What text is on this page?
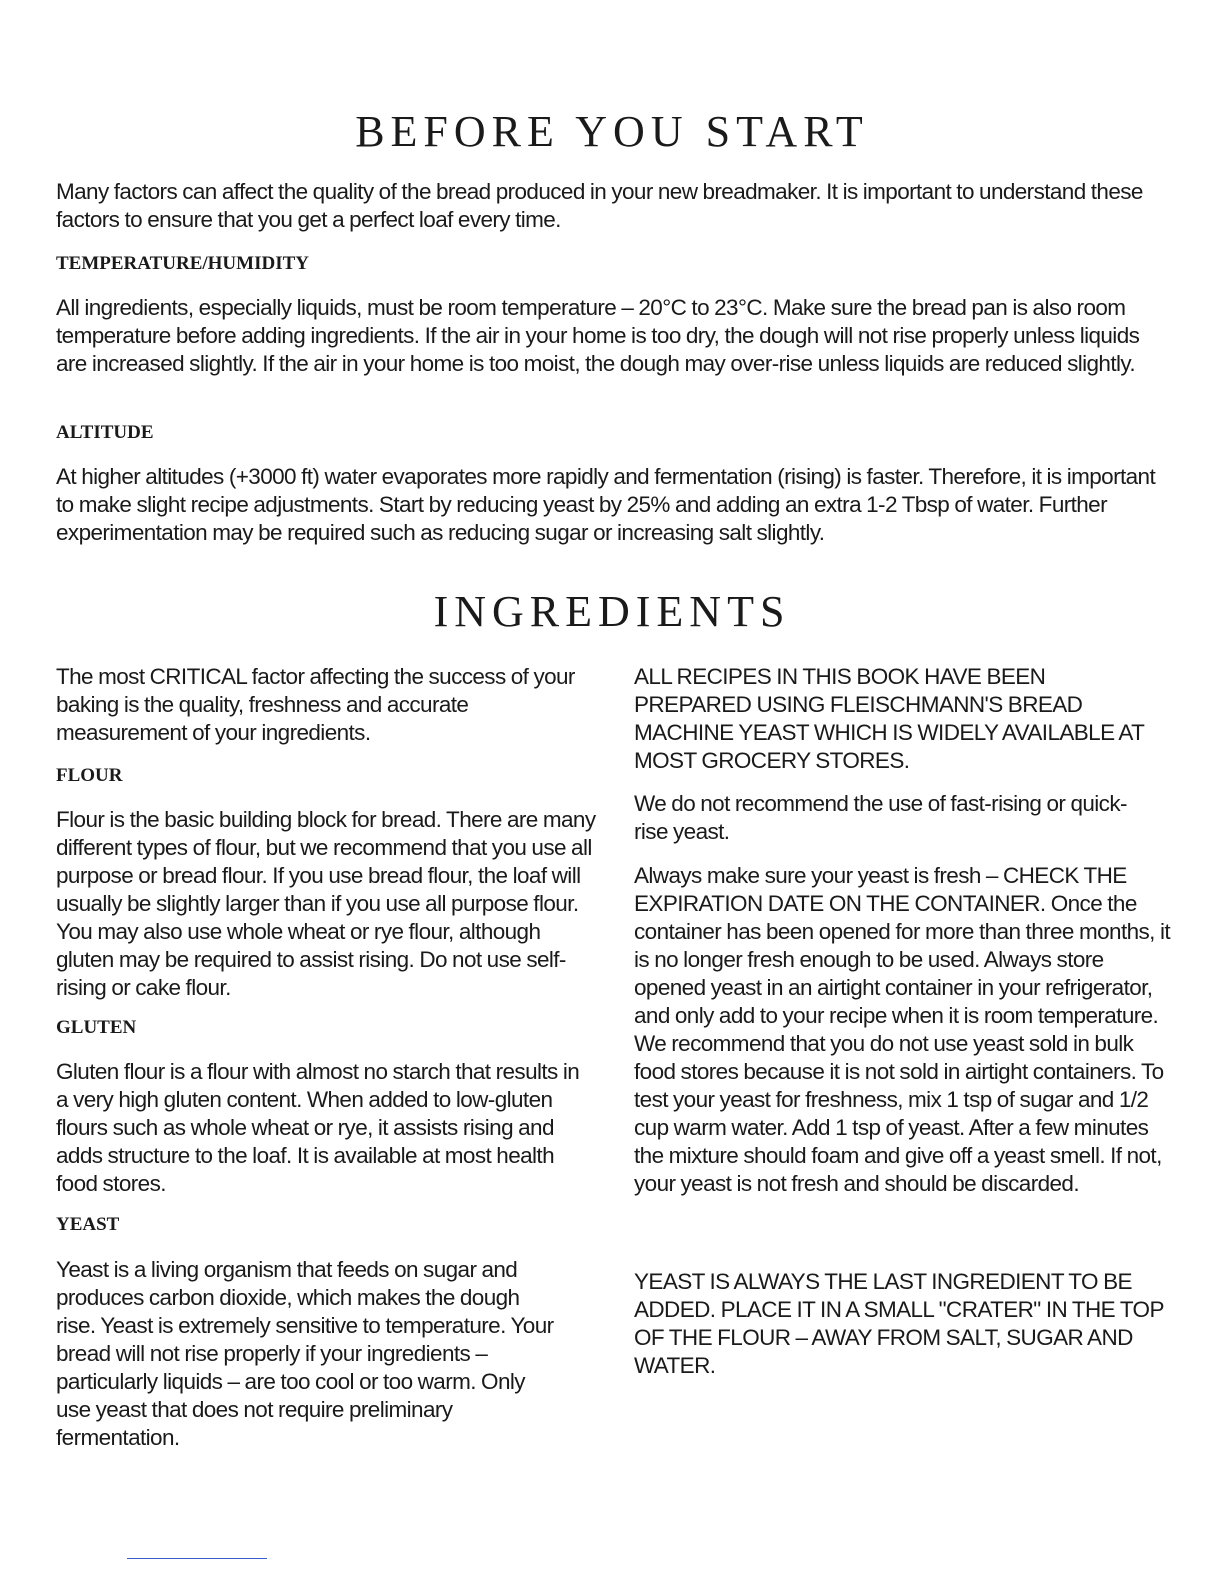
BEFORE YOU START

Many factors can affect the quality of the bread produced in your new breadmaker. It is important to understand these factors to ensure that you get a perfect loaf every time.

TEMPERATURE/HUMIDITY

All ingredients, especially liquids, must be room temperature – 20°C to 23°C. Make sure the bread pan is also room temperature before adding ingredients. If the air in your home is too dry, the dough will not rise properly unless liquids are increased slightly. If the air in your home is too moist, the dough may over-rise unless liquids are reduced slightly.

ALTITUDE

At higher altitudes (+3000 ft) water evaporates more rapidly and fermentation (rising) is faster. Therefore, it is important to make slight recipe adjustments. Start by reducing yeast by 25% and adding an extra 1-2 Tbsp of water. Further experimentation may be required such as reducing sugar or increasing salt slightly.

INGREDIENTS

The most CRITICAL factor affecting the success of your baking is the quality, freshness and accurate measurement of your ingredients.

FLOUR

Flour is the basic building block for bread. There are many different types of flour, but we recommend that you use all purpose or bread flour. If you use bread flour, the loaf will usually be slightly larger than if you use all purpose flour. You may also use whole wheat or rye flour, although gluten may be required to assist rising. Do not use self-rising or cake flour.

GLUTEN

Gluten flour is a flour with almost no starch that results in a very high gluten content. When added to low-gluten flours such as whole wheat or rye, it assists rising and adds structure to the loaf. It is available at most health food stores.

YEAST

Yeast is a living organism that feeds on sugar and produces carbon dioxide, which makes the dough rise. Yeast is extremely sensitive to temperature. Your bread will not rise properly if your ingredients – particularly liquids – are too cool or too warm. Only use yeast that does not require preliminary fermentation.

ALL RECIPES IN THIS BOOK HAVE BEEN PREPARED USING FLEISCHMANN'S BREAD MACHINE YEAST WHICH IS WIDELY AVAILABLE AT MOST GROCERY STORES.

We do not recommend the use of fast-rising or quick-rise yeast.

Always make sure your yeast is fresh – CHECK THE EXPIRATION DATE ON THE CONTAINER. Once the container has been opened for more than three months, it is no longer fresh enough to be used. Always store opened yeast in an airtight container in your refrigerator, and only add to your recipe when it is room temperature. We recommend that you do not use yeast sold in bulk food stores because it is not sold in airtight containers. To test your yeast for freshness, mix 1 tsp of sugar and 1/2 cup warm water. Add 1 tsp of yeast. After a few minutes the mixture should foam and give off a yeast smell. If not, your yeast is not fresh and should be discarded.

YEAST IS ALWAYS THE LAST INGREDIENT TO BE ADDED. PLACE IT IN A SMALL "CRATER" IN THE TOP OF THE FLOUR – AWAY FROM SALT, SUGAR AND WATER.
